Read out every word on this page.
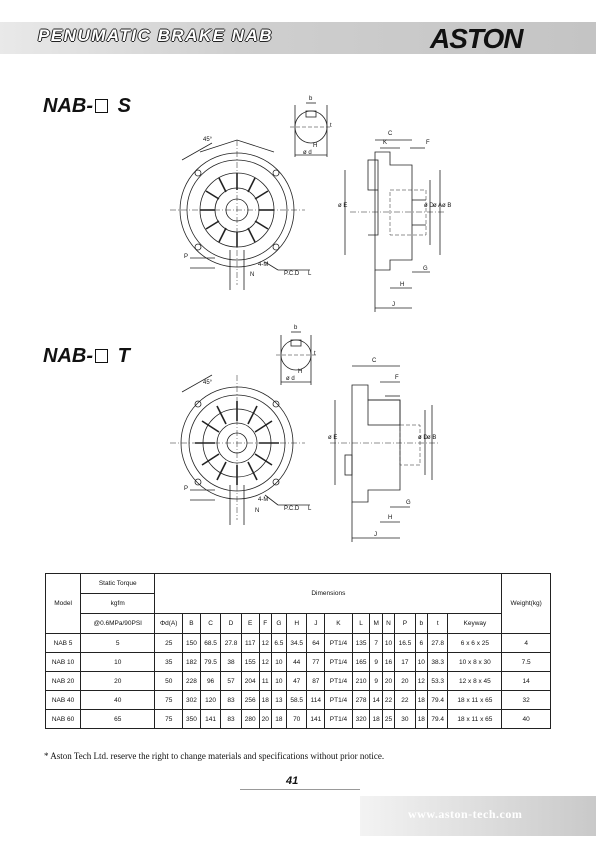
PENUMATIC BRAKE NAB	ASTON
NAB- S
NAB- T
45°
4-M
P.C.D L
P
N
b
t
ø d
H
C
K	F
ø E	ø D ø A ø B
G
H
J
45°
4-M
P.C.D L
P
N
b
t
ø d
H
C
F
ø E	ø D ø B
G
H
J
Model	Static Torque	Dimensions																	Weight(kg)
	kgfm																		
	@0.6MPa/90PSI	Φd(A)	B	C	D	E	F	G	H	J	K	L	M	N	P	b	t	Keyway	
NAB 5	5	25	150	68.5	27.8	117	12	6.5	34.5	64	PT1/4	135	7	10	16.5	6	27.8	6 x 6 x 25	4
NAB 10	10	35	182	79.5	38	155	12	10	44	77	PT1/4	165	9	16	17	10	38.3	10 x 8 x 30	7.5
NAB 20	20	50	228	96	57	204	11	10	47	87	PT1/4	210	9	20	20	12	53.3	12 x 8 x 45	14
NAB 40	40	75	302	120	83	256	18	13	58.5	114	PT1/4	278	14	22	22	18	79.4	18 x 11 x 65	32
NAB 60	65	75	350	141	83	280	20	18	70	141	PT1/4	320	18	25	30	18	79.4	18 x 11 x 65	40
* Aston Tech Ltd. reserve the right to change materials and specifications without prior notice.
41
www.aston-tech.com
